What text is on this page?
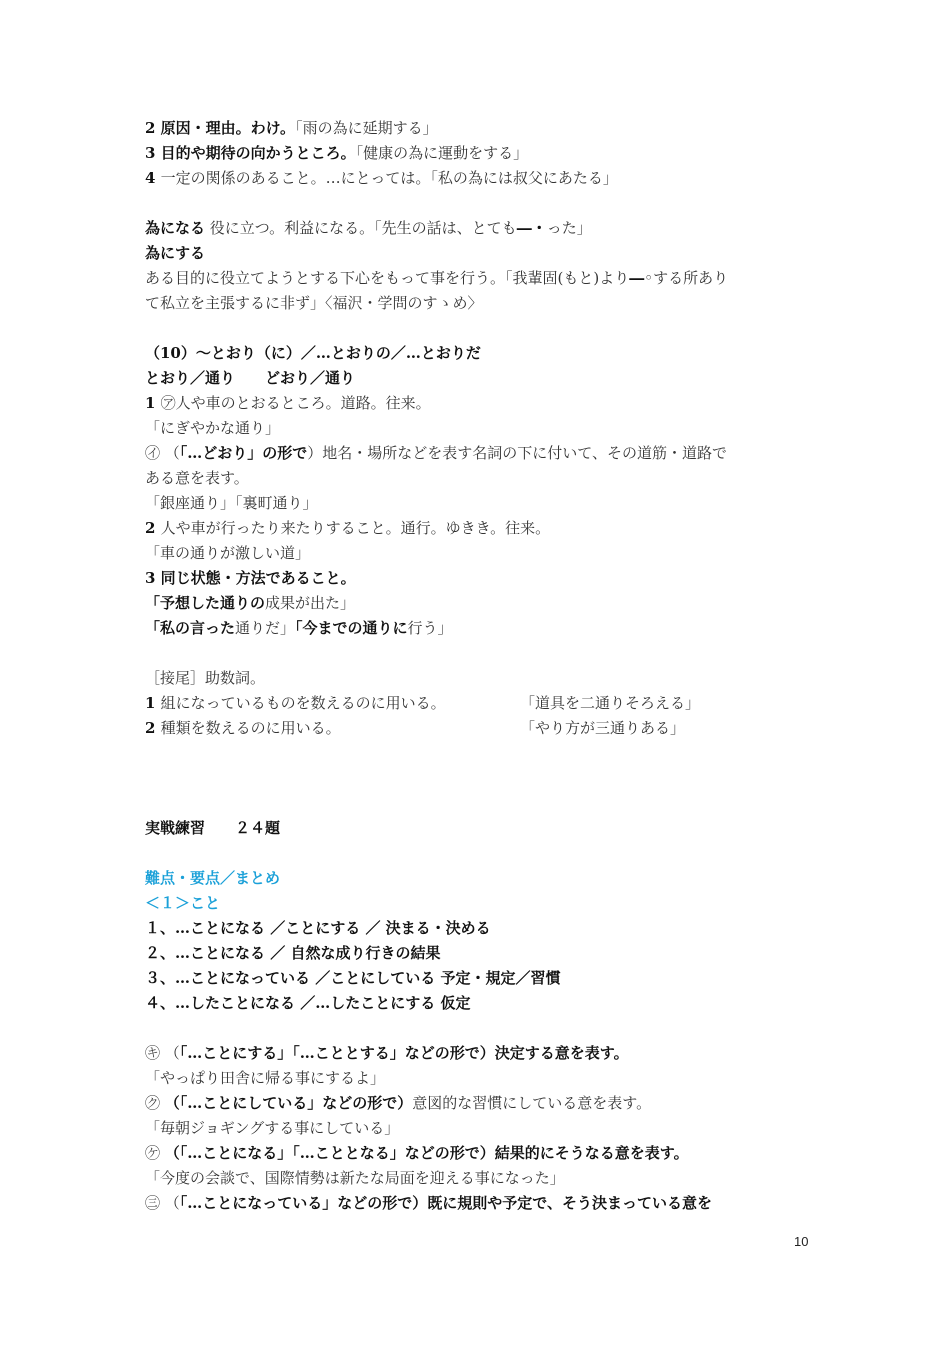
2 原因・理由。わけ。「雨の為に延期する」
3 目的や期待の向かうところ。「健康の為に運動をする」
4 一定の関係のあること。…にとっては。「私の為には叔父にあたる」
為になる 役に立つ。利益になる。「先生の話は、とても―・った」
為にする
ある目的に役立てようとする下心をもって事を行う。「我輩固(もと)より―◦する所あり
て私立を主張するに非ず」〈福沢・学問のすゝめ〉
（10）～とおり（に）／…とおりの／…とおりだ
とおり／通り　　どおり／通り
1 ㋐人や車のとおるところ。道路。往来。
「にぎやかな通り」
㋑ （「…どおり」の形で）地名・場所などを表す名詞の下に付いて、その道筋・道路で
ある意を表す。
「銀座通り」「裏町通り」
2 人や車が行ったり来たりすること。通行。ゆきき。往来。
「車の通りが激しい道」
3 同じ状態・方法であること。
「予想した通りの成果が出た」
「私の言った通りだ」「今までの通りに行う」
［接尾］助数詞。
1 組になっているものを数えるのに用いる。	「道具を二通りそろえる」
2 種類を数えるのに用いる。	「やり方が三通りある」
実戦練習　　２４題
難点・要点／まとめ
＜１＞こと
１、…ことになる ／ことにする ／ 決まる・決める
２、…ことになる ／ 自然な成り行きの結果
３、…ことになっている ／ことにしている 予定・規定／習慣
４、…したことになる ／…したことにする 仮定
㋖ （「…ことにする」「…こととする」などの形で）決定する意を表す。
「やっぱり田舎に帰る事にするよ」
㋗ （「…ことにしている」などの形で）意図的な習慣にしている意を表す。
「毎朝ジョギングする事にしている」
㋘ （「…ことになる」「…こととなる」などの形で）結果的にそうなる意を表す。
「今度の会談で、国際情勢は新たな局面を迎える事になった」
㊂ （「…ことになっている」などの形で）既に規則や予定で、そう決まっている意を
10
